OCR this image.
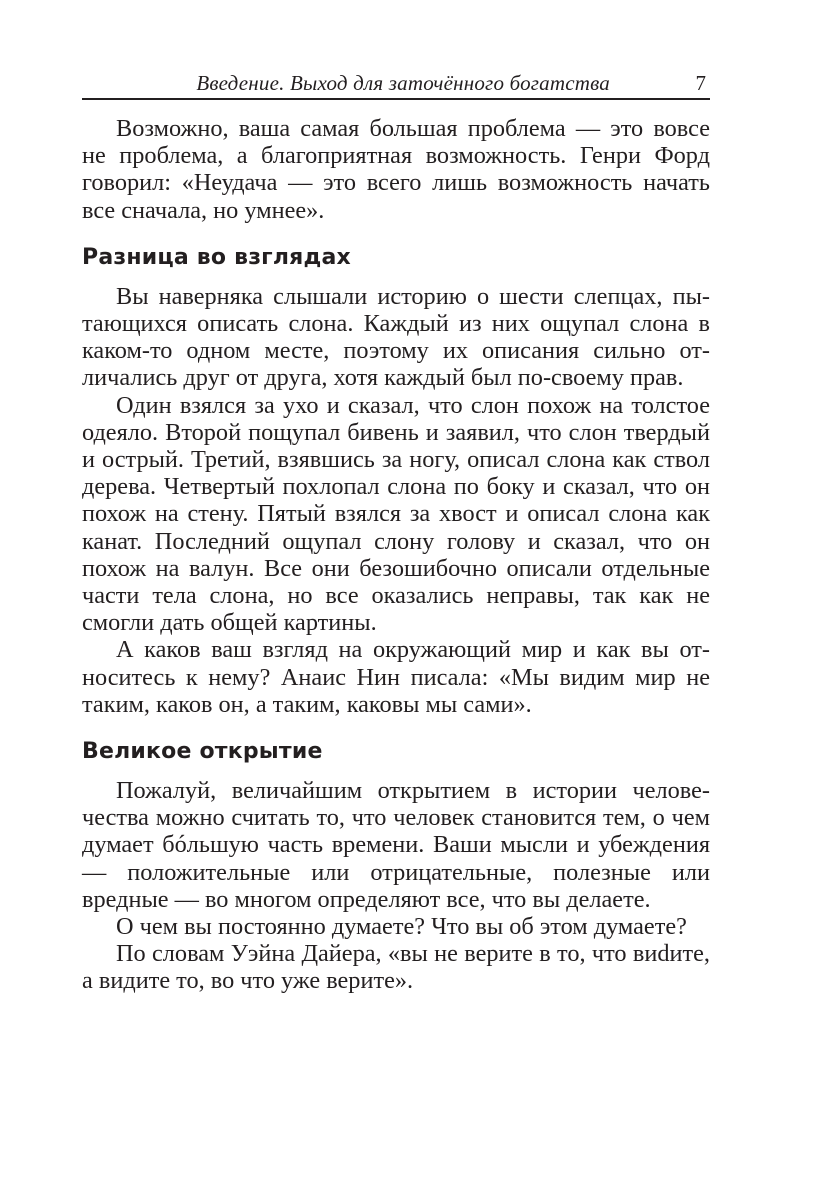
Введение. Выход для заточённого богатства	7

Возможно, ваша самая большая проблема — это вовсе не проблема, а благоприятная возможность. Генри Форд говорил: «Неудача — это всего лишь возможность начать все сначала, но умнее».

Разница во взглядах

Вы наверняка слышали историю о шести слепцах, пытающихся описать слона. Каждый из них ощупал слона в каком-то одном месте, поэтому их описания сильно отличались друг от друга, хотя каждый был по-своему прав.

Один взялся за ухо и сказал, что слон похож на толстое одеяло. Второй пощупал бивень и заявил, что слон твердый и острый. Третий, взявшись за ногу, описал слона как ствол дерева. Четвертый похлопал слона по боку и сказал, что он похож на стену. Пятый взялся за хвост и описал слона как канат. Последний ощупал слону голову и сказал, что он похож на валун. Все они безошибочно описали отдельные части тела слона, но все оказались неправы, так как не смогли дать общей картины.

А каков ваш взгляд на окружающий мир и как вы относитесь к нему? Анаис Нин писала: «Мы видим мир не таким, каков он, а таким, каковы мы сами».

Великое открытие

Пожалуй, величайшим открытием в истории человечества можно считать то, что человек становится тем, о чем думает бóльшую часть времени. Ваши мысли и убеждения — положительные или отрицательные, полезные или вредные — во многом определяют все, что вы делаете.

О чем вы постоянно думаете? Что вы об этом думаете?

По словам Уэйна Дайера, «вы не верите в то, что виdите, а видите то, во что уже верите».
